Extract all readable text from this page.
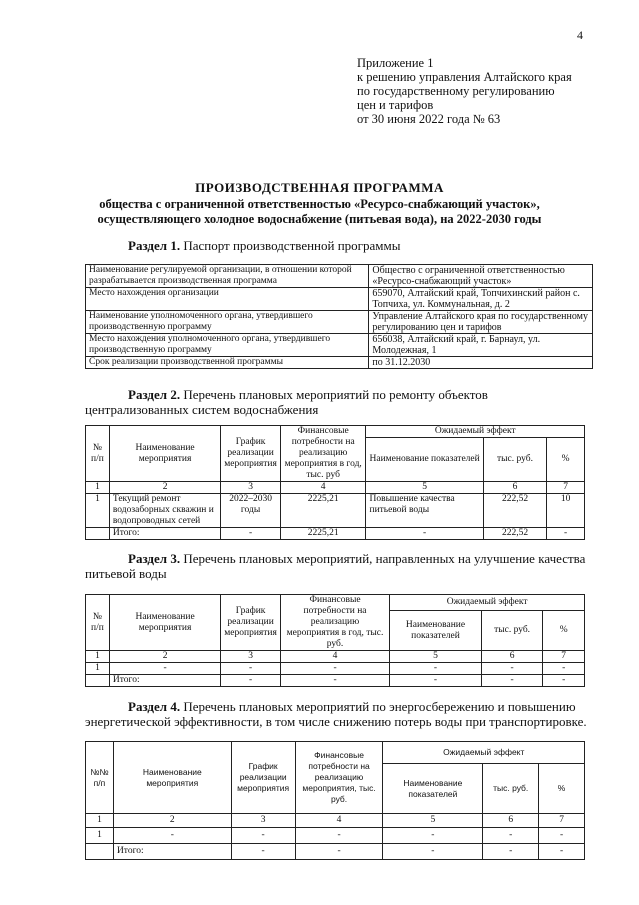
4
Приложение 1
к решению управления Алтайского края
по государственному регулированию
цен и тарифов
от 30 июня 2022 года № 63
ПРОИЗВОДСТВЕННАЯ ПРОГРАММА
общества с ограниченной ответственностью «Ресурсо-снабжающий участок»,
осуществляющего холодное водоснабжение (питьевая вода), на 2022-2030 годы
Раздел 1. Паспорт производственной программы
Наименование регулируемой организации, в отношении которой разрабатывается производственная программа	Общество с ограниченной ответственностью «Ресурсо-снабжающий участок»
Место нахождения организации	659070, Алтайский край, Топчихинский район с. Топчиха, ул. Коммунальная, д. 2
Наименование уполномоченного органа, утвердившего производственную программу	Управление Алтайского края по государственному регулированию цен и тарифов
Место нахождения уполномоченного органа, утвердившего производственную программу	656038, Алтайский край, г. Барнаул, ул. Молодежная, 1
Срок реализации производственной программы	по 31.12.2030
Раздел 2. Перечень плановых мероприятий по ремонту объектов централизованных систем водоснабжения
№ п/п	Наименование мероприятия	График реализации мероприятия	Финансовые потребности на реализацию мероприятия в год, тыс. руб	Ожидаемый эффект		
				Наименование показателей	тыс. руб.	%
1	2	3	4	5	6	7
1	Текущий ремонт водозаборных скважин и водопроводных сетей	2022–2030 годы	2225,21	Повышение качества питьевой воды	222,52	10
	Итого:	-	2225,21	-	222,52	-
Раздел 3. Перечень плановых мероприятий, направленных на улучшение качества питьевой воды
№ п/п	Наименование мероприятия	График реализации мероприятия	Финансовые потребности на реализацию мероприятия в год, тыс. руб.	Ожидаемый эффект		
				Наименование показателей	тыс. руб.	%
1	2	3	4	5	6	7
1	-	-	-	-	-	-
	Итого:	-	-	-	-	-
Раздел 4. Перечень плановых мероприятий по энергосбережению и повышению энергетической эффективности, в том числе снижению потерь воды при транспортировке.
№№ п/п	Наименование мероприятия	График реализации мероприятия	Финансовые потребности на реализацию мероприятия, тыс. руб.	Ожидаемый эффект		
				Наименование показателей	тыс. руб.	%
1	2	3	4	5	6	7
1	-	-	-	-	-	-
	Итого:	-	-	-	-	-
